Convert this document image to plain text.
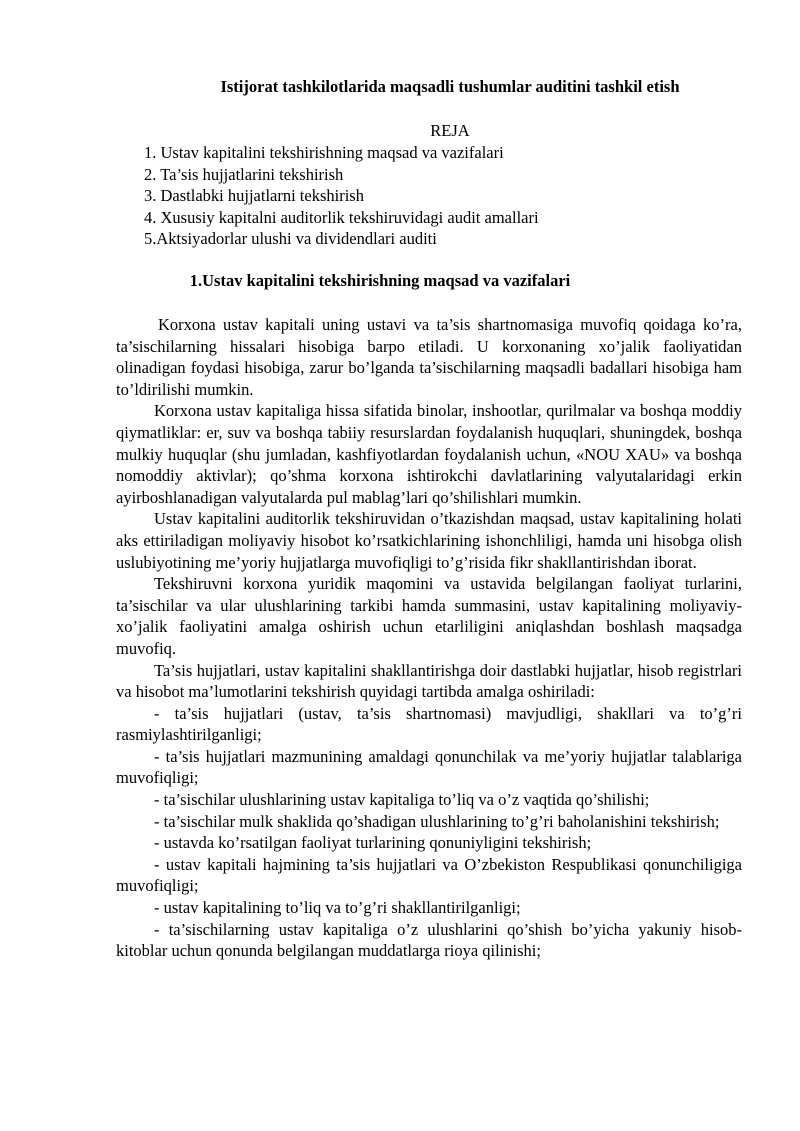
Istijorat tashkilotlarida maqsadli tushumlar auditini tashkil etish
REJA
1. Ustav kapitalini tekshirishning maqsad va vazifalari
2. Ta’sis hujjatlarini tekshirish
3. Dastlabki hujjatlarni tekshirish
4. Xususiy kapitalni auditorlik tekshiruvidagi audit amallari
5.Aktsiyadorlar ulushi va dividendlari auditi
1.Ustav kapitalini tekshirishning maqsad va vazifalari

Korxona ustav kapitali uning ustavi va ta’sis shartnomasiga muvofiq qoidaga ko’ra, ta’sischilarning hissalari hisobiga barpo etiladi. U korxonaning xo’jalik faoliyatidan olinadigan foydasi hisobiga, zarur bo’lganda ta’sischilarning maqsadli badallari hisobiga ham to’ldirilishi mumkin.

Korxona ustav kapitaliga hissa sifatida binolar, inshootlar, qurilmalar va boshqa moddiy qiymatliklar: er, suv va boshqa tabiiy resurslardan foydalanish huquqlari, shuningdek, boshqa mulkiy huquqlar (shu jumladan, kashfiyotlardan foydalanish uchun, «NOU XAU» va boshqa nomoddiy aktivlar); qo’shma korxona ishtirokchi davlatlarining valyutalaridagi erkin ayirboshlanadigan valyutalarda pul mablag’lari qo’shilishlari mumkin.

Ustav kapitalini auditorlik tekshiruvidan o’tkazishdan maqsad, ustav kapitalining holati aks ettiriladigan moliyaviy hisobot ko’rsatkichlarining ishonchliligi, hamda uni hisobga olish uslubiyotining me’yoriy hujjatlarga muvofiqligi to’g’risida fikr shakllantirishdan iborat.

Tekshiruvni korxona yuridik maqomini va ustavida belgilangan faoliyat turlarini, ta’sischilar va ular ulushlarining tarkibi hamda summasini, ustav kapitalining moliyaviy-xo’jalik faoliyatini amalga oshirish uchun etarliligini aniqlashdan boshlash maqsadga muvofiq.

Ta’sis hujjatlari, ustav kapitalini shakllantirishga doir dastlabki hujjatlar, hisob registrlari va hisobot ma’lumotlarini tekshirish quyidagi tartibda amalga oshiriladi:

- ta’sis hujjatlari (ustav, ta’sis shartnomasi) mavjudligi, shakllari va to’g’ri rasmiylashtirilganligi;

- ta’sis hujjatlari mazmunining amaldagi qonunchilak va me’yoriy hujjatlar talablariga muvofiqligi;

- ta’sischilar ulushlarining ustav kapitaliga to’liq va o’z vaqtida qo’shilishi;

- ta’sischilar mulk shaklida qo’shadigan ulushlarining to’g’ri baholanishini tekshirish;

- ustavda ko’rsatilgan faoliyat turlarining qonuniyligini tekshirish;

- ustav kapitali hajmining ta’sis hujjatlari va O’zbekiston Respublikasi qonunchiligiga muvofiqligi;

- ustav kapitalining to’liq va to’g’ri shakllantirilganligi;

- ta’sischilarning ustav kapitaliga o’z ulushlarini qo’shish bo’yicha yakuniy hisob-kitoblar uchun qonunda belgilangan muddatlarga rioya qilinishi;
